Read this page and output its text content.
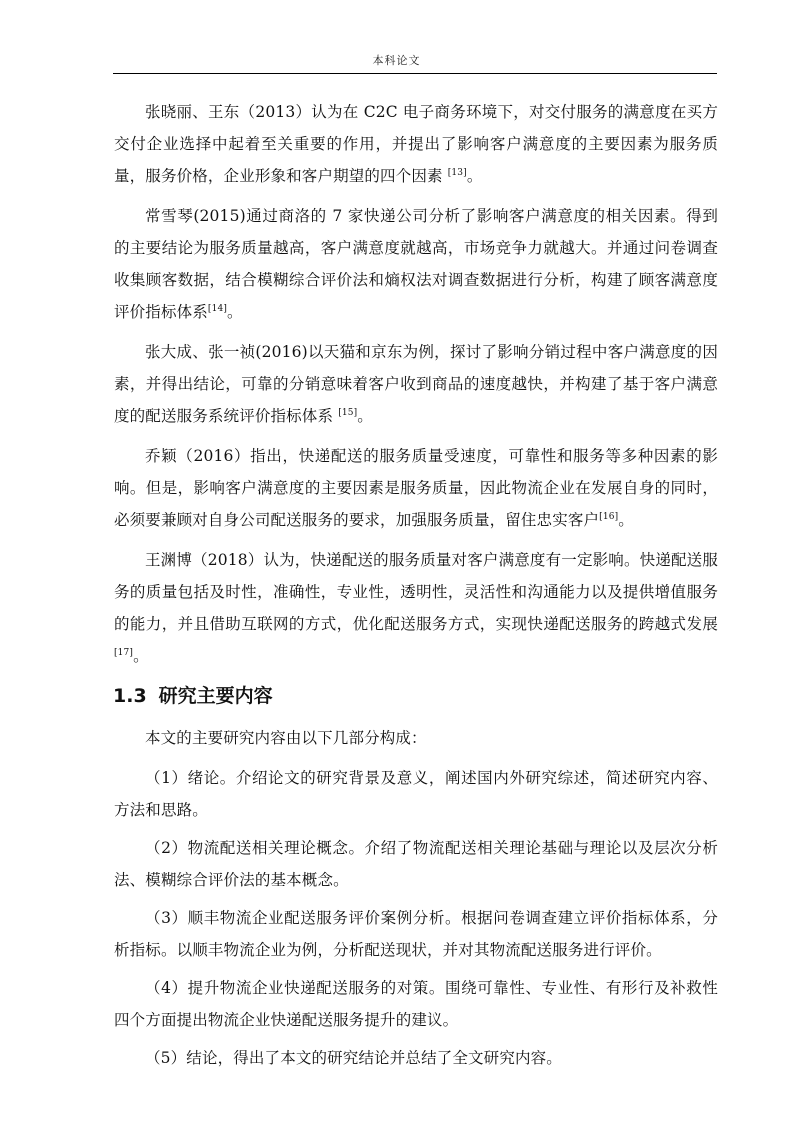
本科论文

张晓丽、王东（2013）认为在 C2C 电子商务环境下，对交付服务的满意度在买方交付企业选择中起着至关重要的作用，并提出了影响客户满意度的主要因素为服务质量，服务价格，企业形象和客户期望的四个因素 [13]。

常雪琴(2015)通过商洛的 7 家快递公司分析了影响客户满意度的相关因素。得到的主要结论为服务质量越高，客户满意度就越高，市场竞争力就越大。并通过问卷调查收集顾客数据，结合模糊综合评价法和熵权法对调查数据进行分析，构建了顾客满意度评价指标体系[14]。

张大成、张一祯(2016)以天猫和京东为例，探讨了影响分销过程中客户满意度的因素，并得出结论，可靠的分销意味着客户收到商品的速度越快，并构建了基于客户满意度的配送服务系统评价指标体系 [15]。

乔颖（2016）指出，快递配送的服务质量受速度，可靠性和服务等多种因素的影响。但是，影响客户满意度的主要因素是服务质量，因此物流企业在发展自身的同时，必须要兼顾对自身公司配送服务的要求，加强服务质量，留住忠实客户[16]。

王渊博（2018）认为，快递配送的服务质量对客户满意度有一定影响。快递配送服务的质量包括及时性，准确性，专业性，透明性，灵活性和沟通能力以及提供增值服务的能力，并且借助互联网的方式，优化配送服务方式，实现快递配送服务的跨越式发展[17]。

1.3 研究主要内容

本文的主要研究内容由以下几部分构成：

（1）绪论。介绍论文的研究背景及意义，阐述国内外研究综述，简述研究内容、方法和思路。

（2）物流配送相关理论概念。介绍了物流配送相关理论基础与理论以及层次分析法、模糊综合评价法的基本概念。

（3）顺丰物流企业配送服务评价案例分析。根据问卷调查建立评价指标体系，分析指标。以顺丰物流企业为例，分析配送现状，并对其物流配送服务进行评价。

（4）提升物流企业快递配送服务的对策。围绕可靠性、专业性、有形行及补救性四个方面提出物流企业快递配送服务提升的建议。

（5）结论，得出了本文的研究结论并总结了全文研究内容。
